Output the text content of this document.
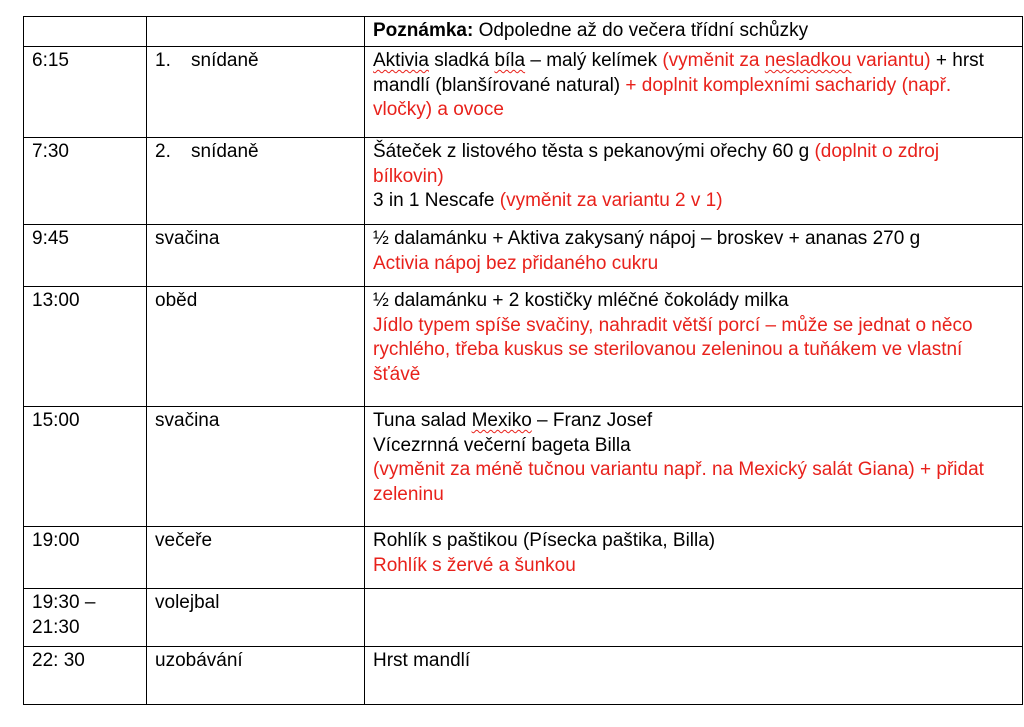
		Poznámka: Odpoledne až do večera třídní schůzky

6:15	1. snídaně	Aktivia sladká bíla – malý kelímek (vyměnit za nesladkou variantu) + hrst mandlí (blanšírované natural) + doplnit komplexními sacharidy (např. vločky) a ovoce

7:30	2. snídaně	Šáteček z listového těsta s pekanovými ořechy 60 g (doplnit o zdroj bílkovin)
3 in 1 Nescafe (vyměnit za variantu 2 v 1)

9:45	svačina	½ dalamánku + Aktiva zakysaný nápoj – broskev + ananas 270 g
Activia nápoj bez přidaného cukru

13:00	oběd	½ dalamánku + 2 kostičky mléčné čokolády milka
Jídlo typem spíše svačiny, nahradit větší porcí – může se jednat o něco rychlého, třeba kuskus se sterilovanou zeleninou a tuňákem ve vlastní šťávě

15:00	svačina	Tuna salad Mexiko – Franz Josef
Vícezrnná večerní bageta Billa
(vyměnit za méně tučnou variantu např. na Mexický salát Giana) + přidat zeleninu

19:00	večeře	Rohlík s paštikou (Písecka paštika, Billa)
Rohlík s žervé a šunkou

19:30 –
21:30	volejbal	
22: 30	uzobávání	Hrst mandlí
